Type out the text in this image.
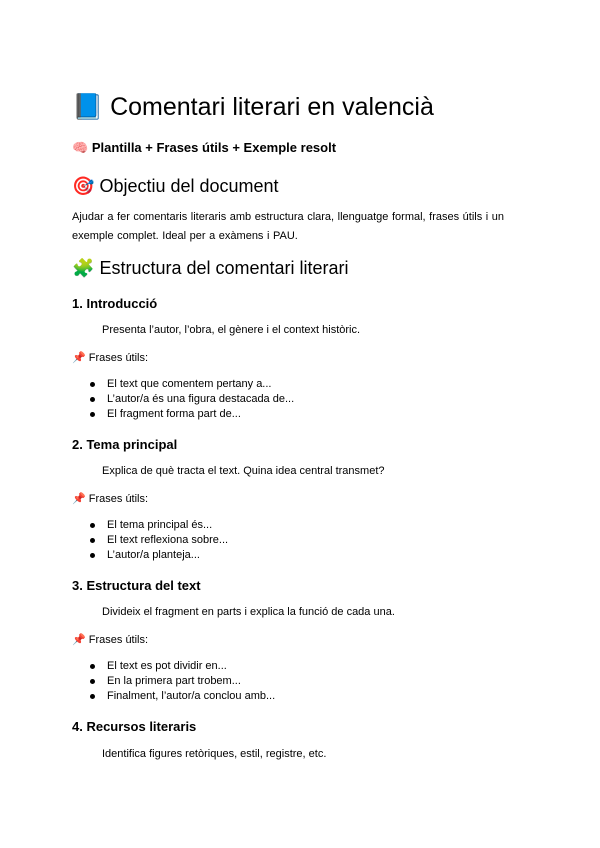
📘 Comentari literari en valencià
🧠 Plantilla + Frases útils + Exemple resolt
🎯 Objectiu del document
Ajudar a fer comentaris literaris amb estructura clara, llenguatge formal, frases útils i un exemple complet. Ideal per a exàmens i PAU.
🧩 Estructura del comentari literari
1. Introducció
Presenta l’autor, l’obra, el gènere i el context històric.
📌 Frases útils:
El text que comentem pertany a...
L’autor/a és una figura destacada de...
El fragment forma part de...
2. Tema principal
Explica de què tracta el text. Quina idea central transmet?
📌 Frases útils:
El tema principal és...
El text reflexiona sobre...
L’autor/a planteja...
3. Estructura del text
Divideix el fragment en parts i explica la funció de cada una.
📌 Frases útils:
El text es pot dividir en...
En la primera part trobem...
Finalment, l’autor/a conclou amb...
4. Recursos literaris
Identifica figures retòriques, estil, registre, etc.
